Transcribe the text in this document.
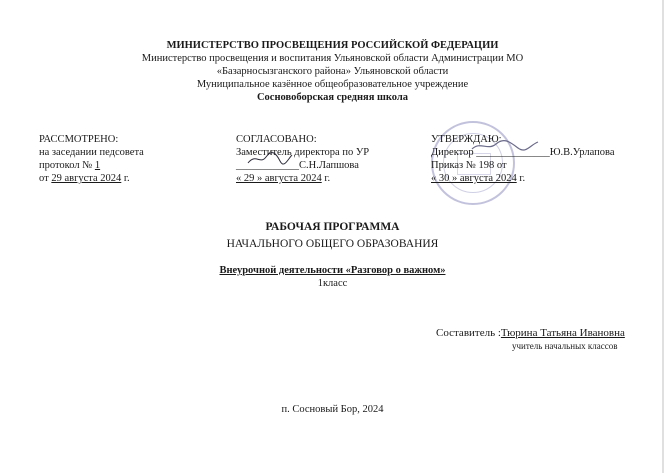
МИНИСТЕРСТВО ПРОСВЕЩЕНИЯ РОССИЙСКОЙ ФЕДЕРАЦИИ
Министерство просвещения и воспитания Ульяновской области Администрации МО
«Базарносызганского района» Ульяновской области
Муниципальное казённое общеобразовательное учреждение
Сосновоборская средняя школа
РАССМОТРЕНО:
на заседании педсовета
протокол № 1
от 29 августа 2024 г.
СОГЛАСОВАНО:
Заместитель директора по УР
____________С.Н.Лапшова
« 29 » августа 2024 г.
УТВЕРЖДАЮ:
Директор ______________Ю.В.Урлапова
Приказ № 198 от
« 30 » августа 2024 г.
РАБОЧАЯ ПРОГРАММА
НАЧАЛЬНОГО ОБЩЕГО ОБРАЗОВАНИЯ
Внеурочной деятельности «Разговор о важном»
1класс
Составитель :Тюрина Татьяна Ивановна
учитель начальных классов
п. Сосновый Бор, 2024
